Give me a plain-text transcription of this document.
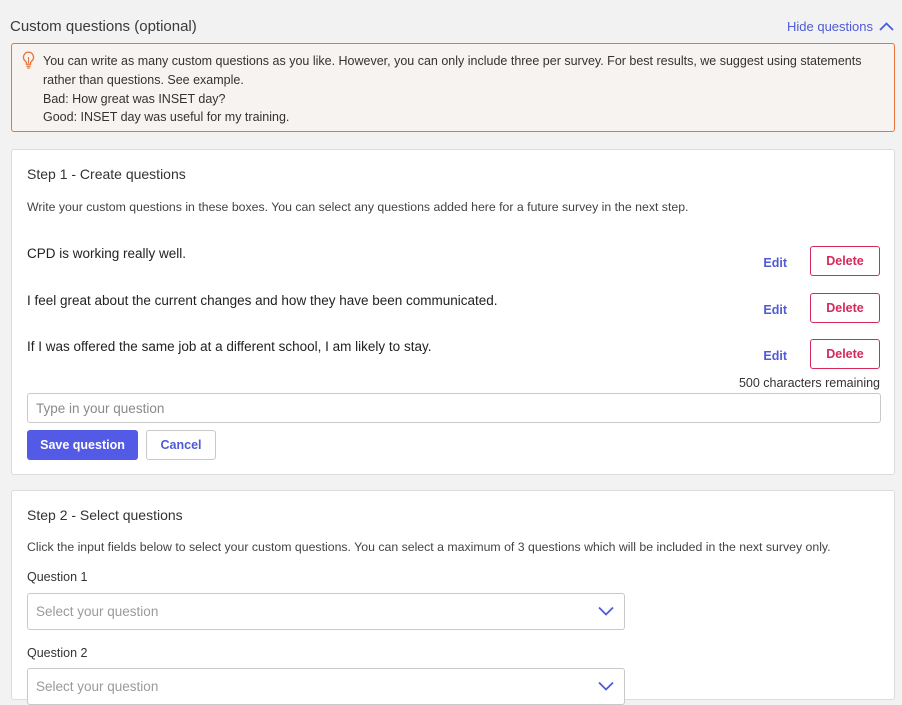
Custom questions (optional)	Hide questions
You can write as many custom questions as you like. However, you can only include three per survey. For best results, we suggest using statements
rather than questions. See example.
Bad: How great was INSET day?
Good: INSET day was useful for my training.
Step 1 - Create questions
Write your custom questions in these boxes. You can select any questions added here for a future survey in the next step.
CPD is working really well.
Edit	Delete
I feel great about the current changes and how they have been communicated.
Edit	Delete
If I was offered the same job at a different school, I am likely to stay.
Edit	Delete
500 characters remaining
Type in your question
Save question	Cancel
Step 2 - Select questions
Click the input fields below to select your custom questions. You can select a maximum of 3 questions which will be included in the next survey only.
Question 1
Select your question
Question 2
Select your question
